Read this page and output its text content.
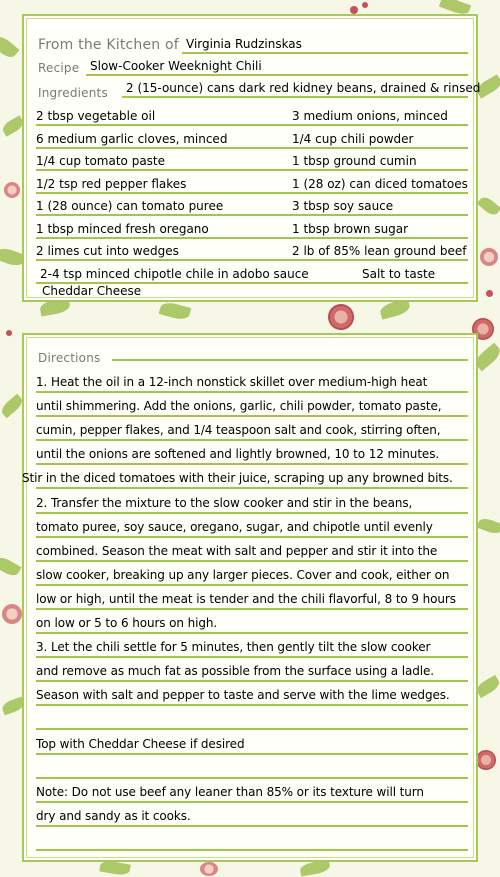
From the Kitchen of Virginia Rudzinskas
Recipe Slow-Cooker Weeknight Chili
Ingredients 2 (15-ounce) cans dark red kidney beans, drained & rinsed
2 tbsp vegetable oil	3 medium onions, minced
6 medium garlic cloves, minced	1/4 cup chili powder
1/4 cup tomato paste	1 tbsp ground cumin
1/2 tsp red pepper flakes	1 (28 oz) can diced tomatoes
1 (28 ounce) can tomato puree	3 tbsp soy sauce
1 tbsp minced fresh oregano	1 tbsp brown sugar
2 limes cut into wedges	2 lb of 85% lean ground beef
2-4 tsp minced chipotle chile in adobo sauce	Salt to taste
Cheddar Cheese
Directions
1. Heat the oil in a 12-inch nonstick skillet over medium-high heat
until shimmering. Add the onions, garlic, chili powder, tomato paste,
cumin, pepper flakes, and 1/4 teaspoon salt and cook, stirring often,
until the onions are softened and lightly browned, 10 to 12 minutes.
Stir in the diced tomatoes with their juice, scraping up any browned bits.
2. Transfer the mixture to the slow cooker and stir in the beans,
tomato puree, soy sauce, oregano, sugar, and chipotle until evenly
combined. Season the meat with salt and pepper and stir it into the
slow cooker, breaking up any larger pieces. Cover and cook, either on
low or high, until the meat is tender and the chili flavorful, 8 to 9 hours
on low or 5 to 6 hours on high.
3. Let the chili settle for 5 minutes, then gently tilt the slow cooker
and remove as much fat as possible from the surface using a ladle.
Season with salt and pepper to taste and serve with the lime wedges.
Top with Cheddar Cheese if desired
Note: Do not use beef any leaner than 85% or its texture will turn
dry and sandy as it cooks.
